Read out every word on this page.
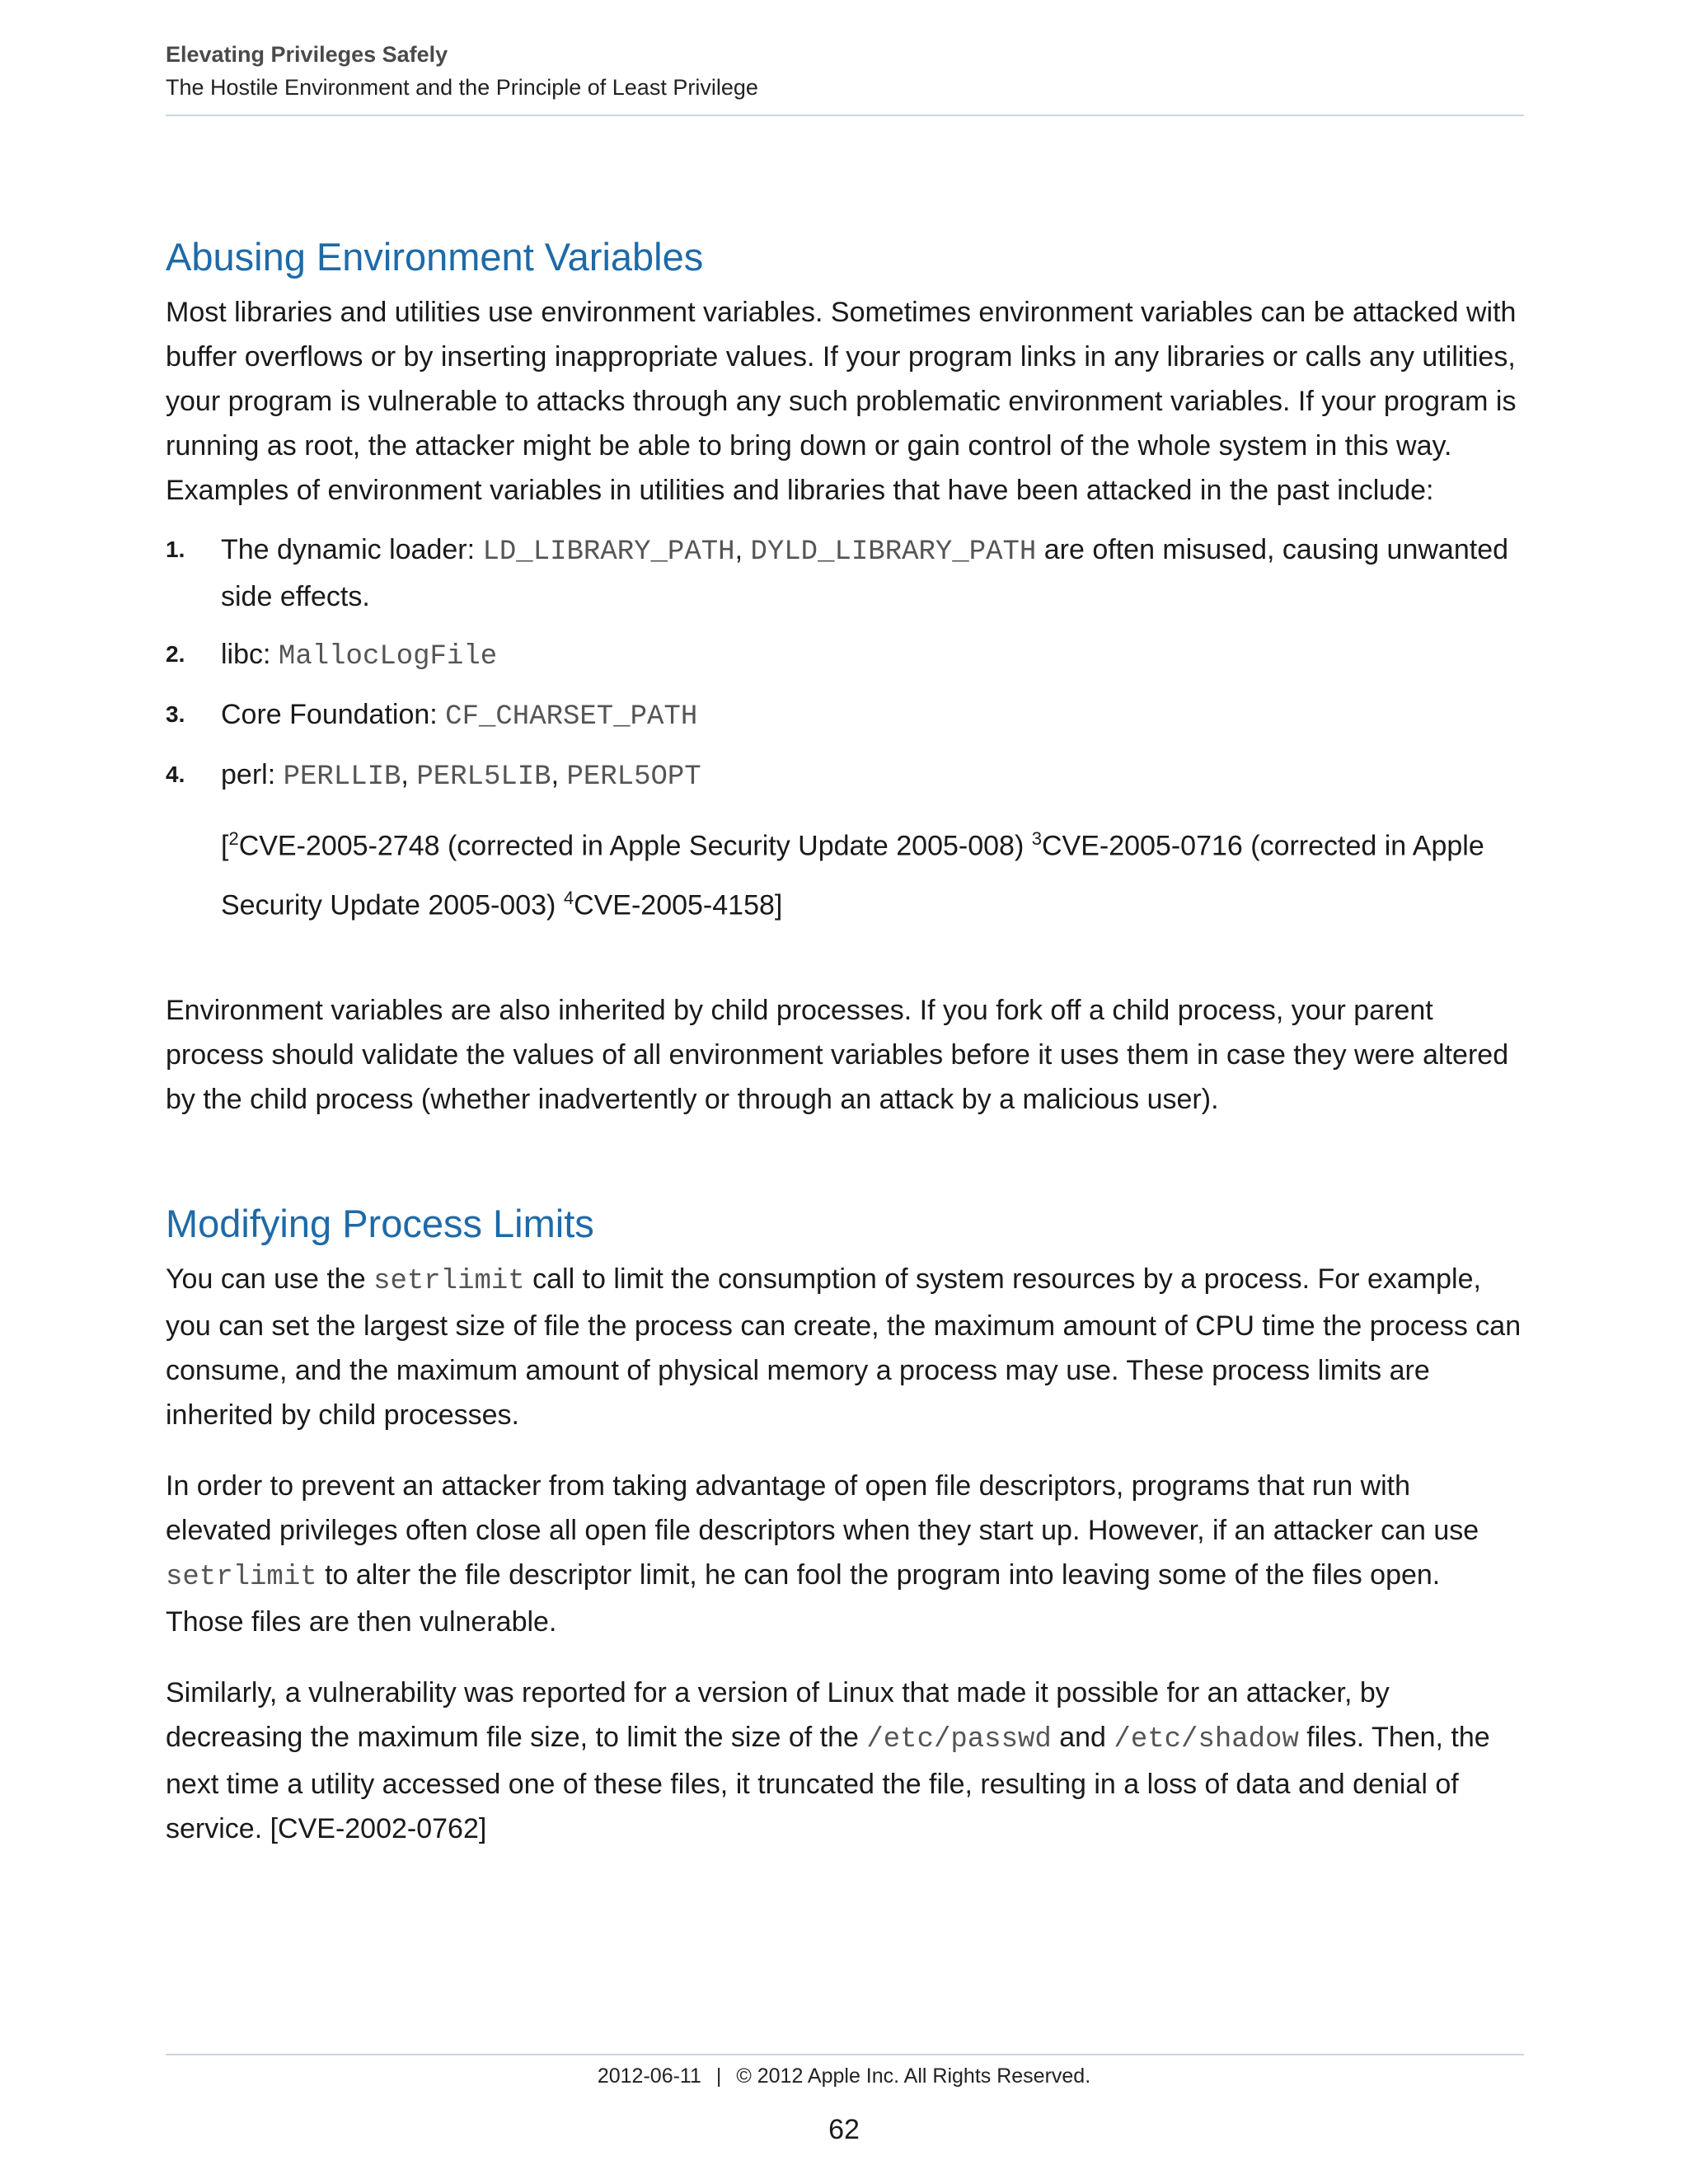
Elevating Privileges Safely
The Hostile Environment and the Principle of Least Privilege
Abusing Environment Variables

Most libraries and utilities use environment variables. Sometimes environment variables can be attacked with buffer overflows or by inserting inappropriate values. If your program links in any libraries or calls any utilities, your program is vulnerable to attacks through any such problematic environment variables. If your program is running as root, the attacker might be able to bring down or gain control of the whole system in this way. Examples of environment variables in utilities and libraries that have been attacked in the past include:

1. The dynamic loader: LD_LIBRARY_PATH, DYLD_LIBRARY_PATH are often misused, causing unwanted side effects.
2. libc: MallocLogFile
3. Core Foundation: CF_CHARSET_PATH
4. perl: PERLLIB, PERL5LIB, PERL5OPT
[$^2$CVE-2005-2748 (corrected in Apple Security Update 2005-008) $^3$CVE-2005-0716 (corrected in Apple Security Update 2005-003) $^4$CVE-2005-4158]

Environment variables are also inherited by child processes. If you fork off a child process, your parent process should validate the values of all environment variables before it uses them in case they were altered by the child process (whether inadvertently or through an attack by a malicious user).

Modifying Process Limits

You can use the setrlimit call to limit the consumption of system resources by a process. For example, you can set the largest size of file the process can create, the maximum amount of CPU time the process can consume, and the maximum amount of physical memory a process may use. These process limits are inherited by child processes.

In order to prevent an attacker from taking advantage of open file descriptors, programs that run with elevated privileges often close all open file descriptors when they start up. However, if an attacker can use setrlimit to alter the file descriptor limit, he can fool the program into leaving some of the files open. Those files are then vulnerable.

Similarly, a vulnerability was reported for a version of Linux that made it possible for an attacker, by decreasing the maximum file size, to limit the size of the /etc/passwd and /etc/shadow files. Then, the next time a utility accessed one of these files, it truncated the file, resulting in a loss of data and denial of service. [CVE-2002-0762]

2012-06-11 | © 2012 Apple Inc. All Rights Reserved.
62
